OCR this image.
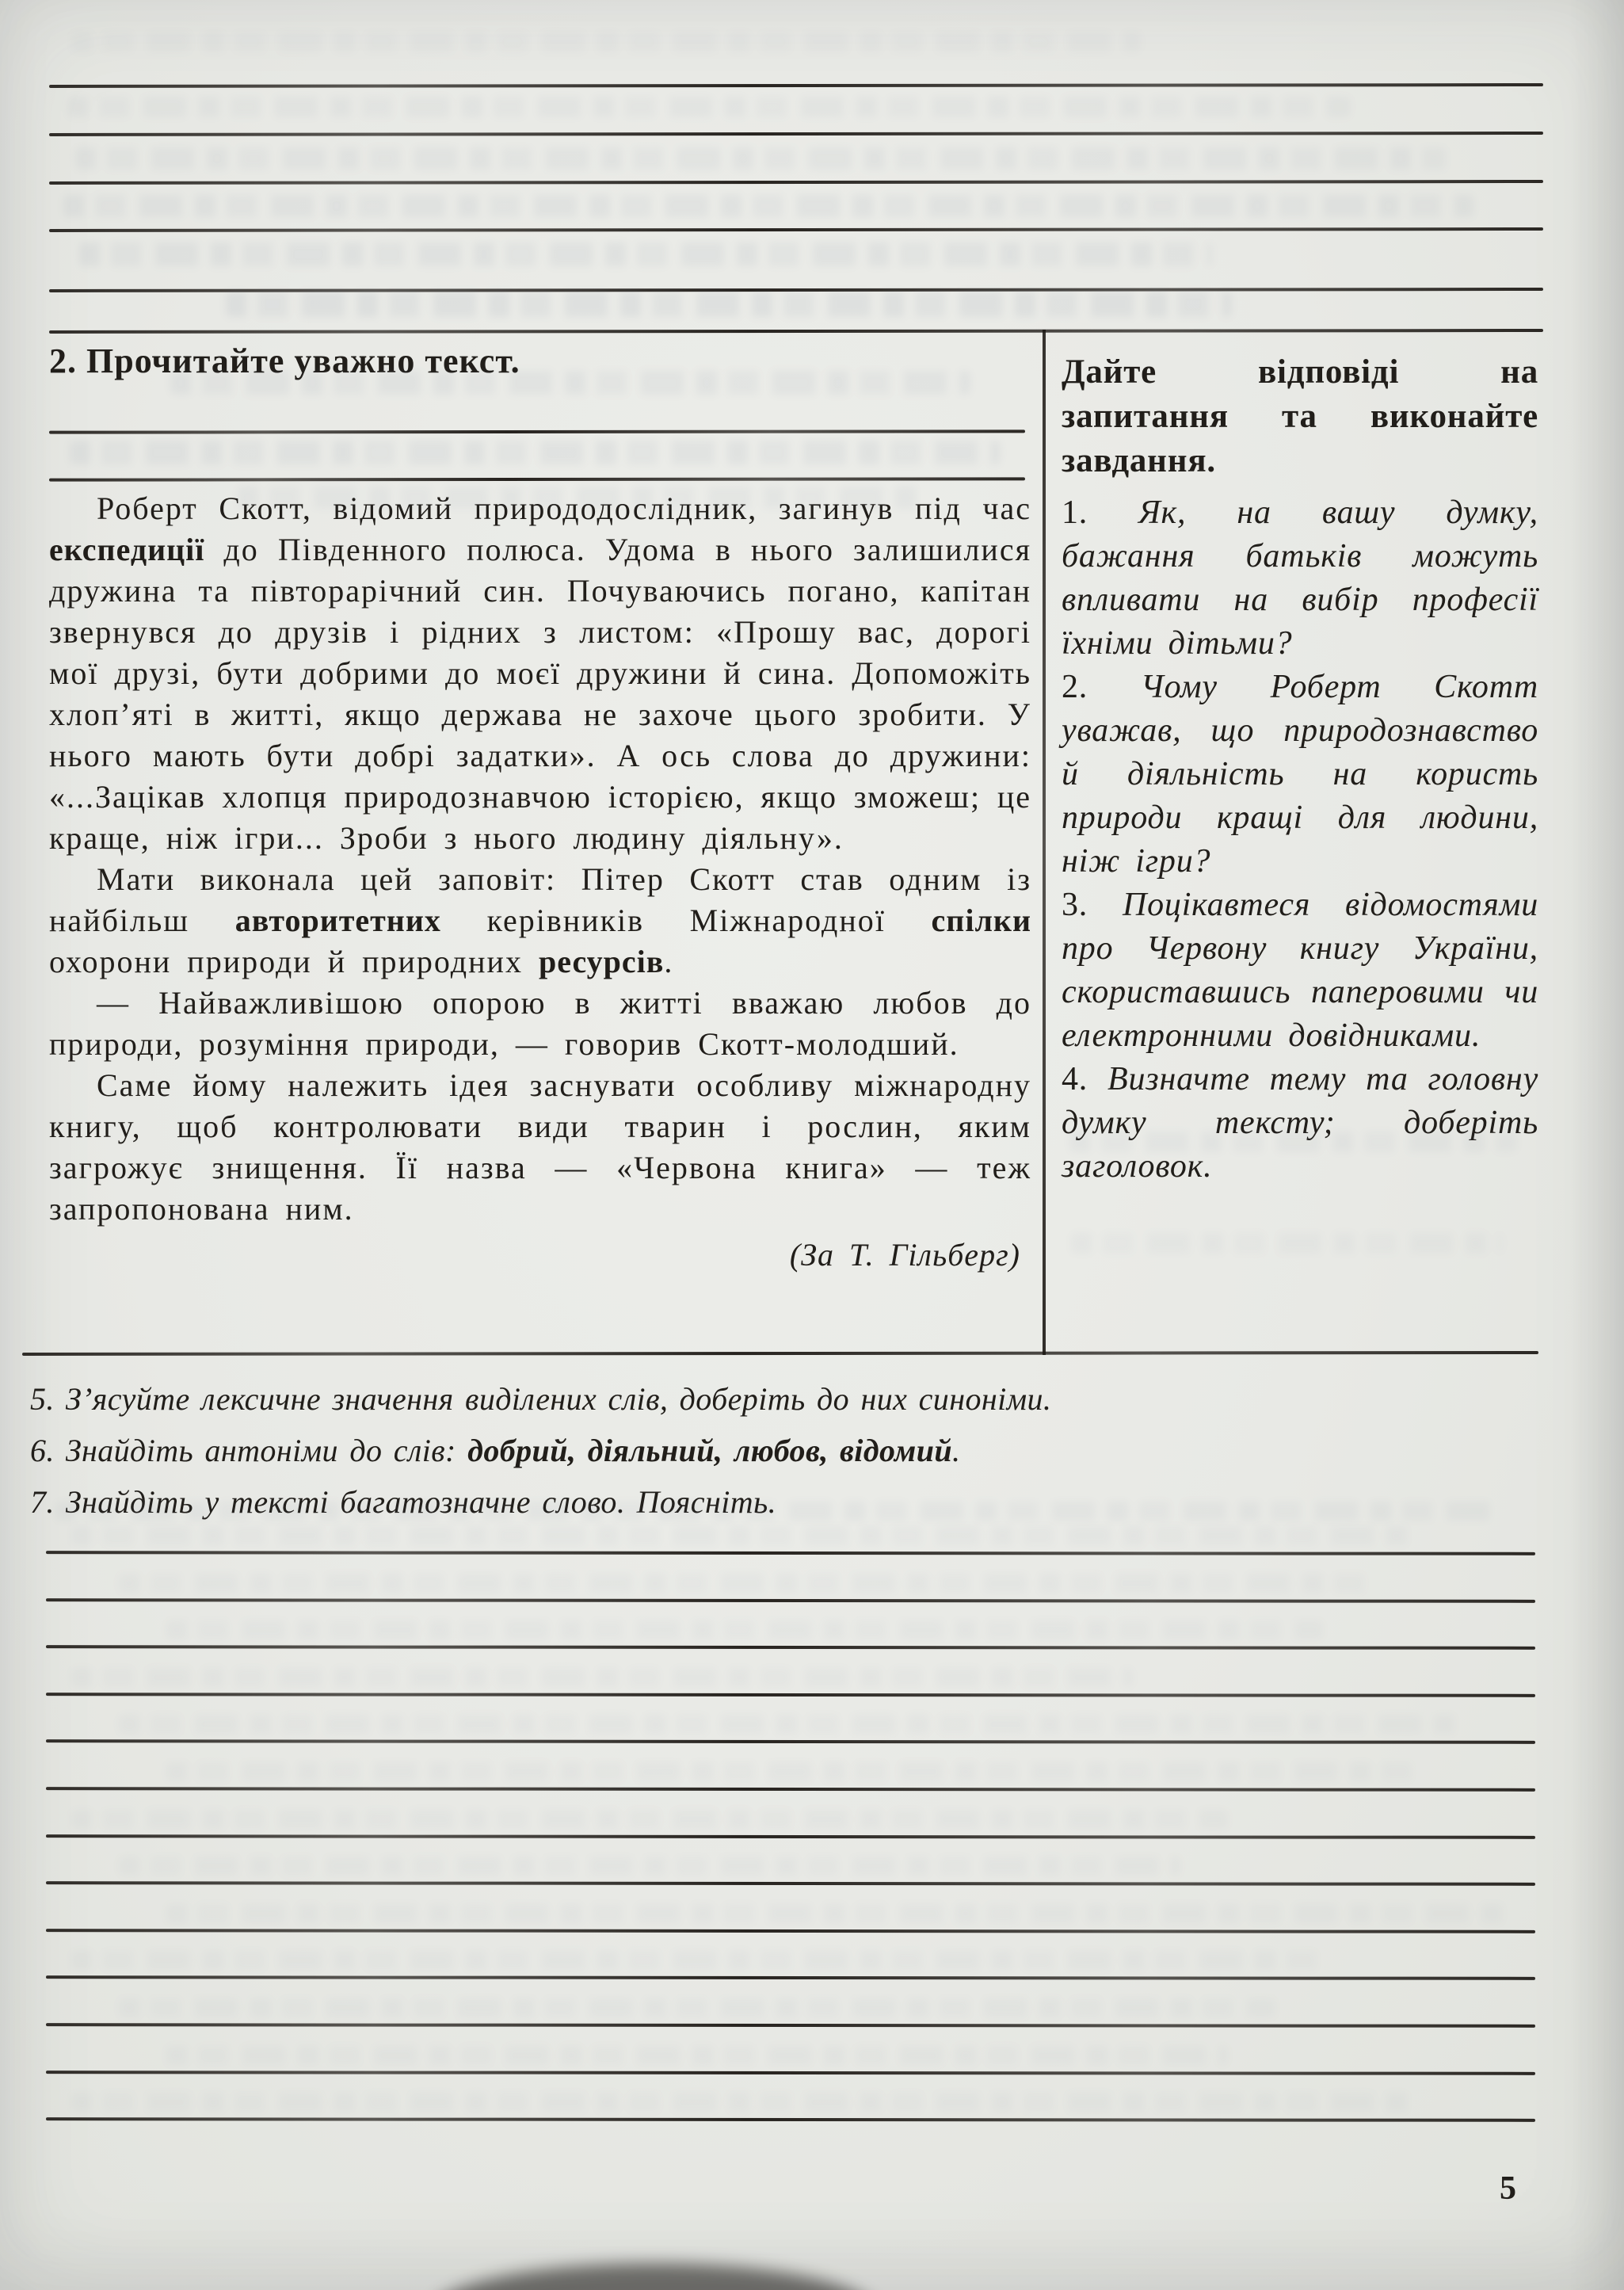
2. Прочитайте уважно текст.

Роберт Скотт, відомий природодослідник, загинув під час експедиції до Південного полюса. Удома в нього залишилися дружина та півторарічний син. Почуваючись погано, капітан звернувся до друзів і рідних з листом: «Прошу вас, дорогі мої друзі, бути добрими до моєї дружини й сина. Допоможіть хлоп’яті в житті, якщо держава не захоче цього зробити. У нього мають бути добрі задатки». А ось слова до дружини: «...Зацікав хлопця природознавчою історією, якщо зможеш; це краще, ніж ігри... Зроби з нього людину діяльну».

Мати виконала цей заповіт: Пітер Скотт став одним із найбільш авторитетних керівників Міжнародної спілки охорони природи й природних ресурсів.

— Найважливішою опорою в житті вважаю любов до природи, розуміння природи, — говорив Скотт-молодший.

Саме йому належить ідея заснувати особливу міжнародну книгу, щоб контролювати види тварин і рослин, яким загрожує знищення. Її назва — «Червона книга» — теж запропонована ним.

(За Т. Гільберг)

Дайте відповіді на запитання та виконайте завдання.

1. Як, на вашу думку, бажання батьків можуть впливати на вибір професії їхніми дітьми?

2. Чому Роберт Скотт уважав, що природознавство й діяльність на користь природи кращі для людини, ніж ігри?

3. Поцікавтеся відомостями про Червону книгу України, скориставшись паперовими чи електронними довідниками.

4. Визначте тему та головну думку тексту; доберіть заголовок.

5. З’ясуйте лексичне значення виділених слів, доберіть до них синоніми.

6. Знайдіть антоніми до слів: добрий, діяльний, любов, відомий.

7. Знайдіть у тексті багатозначне слово. Поясніть.

5
